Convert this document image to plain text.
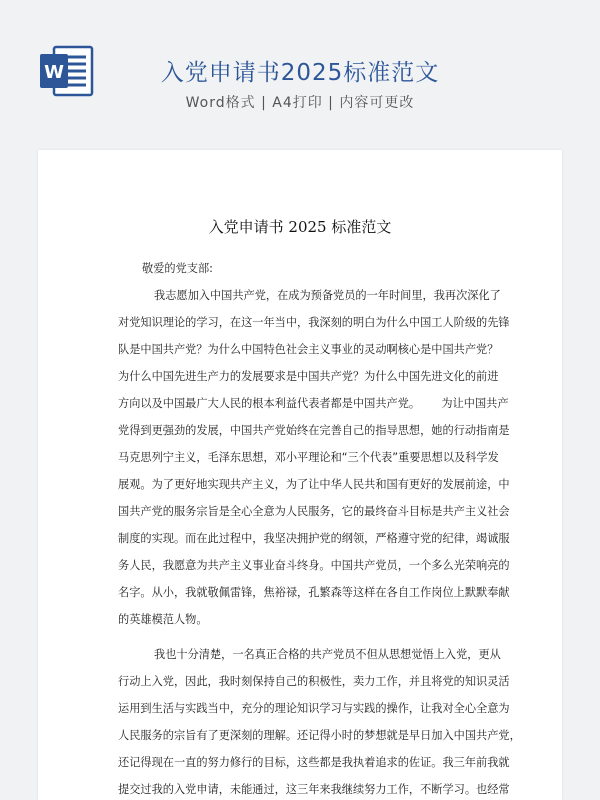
W	入党申请书2025标准范文
Word格式 | A4打印 | 内容可更改
入党申请书 2025 标准范文
敬爱的党支部:
我志愿加入中国共产党，在成为预备党员的一年时间里，我再次深化了
对党知识理论的学习，在这一年当中，我深刻的明白为什么中国工人阶级的先锋
队是中国共产党？为什么中国特色社会主义事业的灵动啊核心是中国共产党？
为什么中国先进生产力的发展要求是中国共产党？为什么中国先进文化的前进
方向以及中国最广大人民的根本利益代表者都是中国共产党。      为让中国共产
党得到更强劲的发展，中国共产党始终在完善自己的指导思想，她的行动指南是
马克思列宁主义，毛泽东思想，邓小平理论和“三个代表”重要思想以及科学发
展观。为了更好地实现共产主义，为了让中华人民共和国有更好的发展前途，中
国共产党的服务宗旨是全心全意为人民服务，它的最终奋斗目标是共产主义社会
制度的实现。而在此过程中，我坚决拥护党的纲领，严格遵守党的纪律，竭诚服
务人民，我愿意为共产主义事业奋斗终身。中国共产党员，一个多么光荣响亮的
名字。从小，我就敬佩雷锋，焦裕禄，孔繁森等这样在各自工作岗位上默默奉献
的英雄模范人物。
我也十分清楚，一名真正合格的共产党员不但从思想觉悟上入党，更从
行动上入党，因此，我时刻保持自己的积极性，卖力工作，并且将党的知识灵活
运用到生活与实践当中，充分的理论知识学习与实践的操作，让我对全心全意为
人民服务的宗旨有了更深刻的理解。还记得小时的梦想就是早日加入中国共产党，
还记得现在一直的努力修行的目标，这些都是我执着追求的佐证。我三年前我就
提交过我的入党申请，未能通过，这三年来我继续努力工作，不断学习。也经常
